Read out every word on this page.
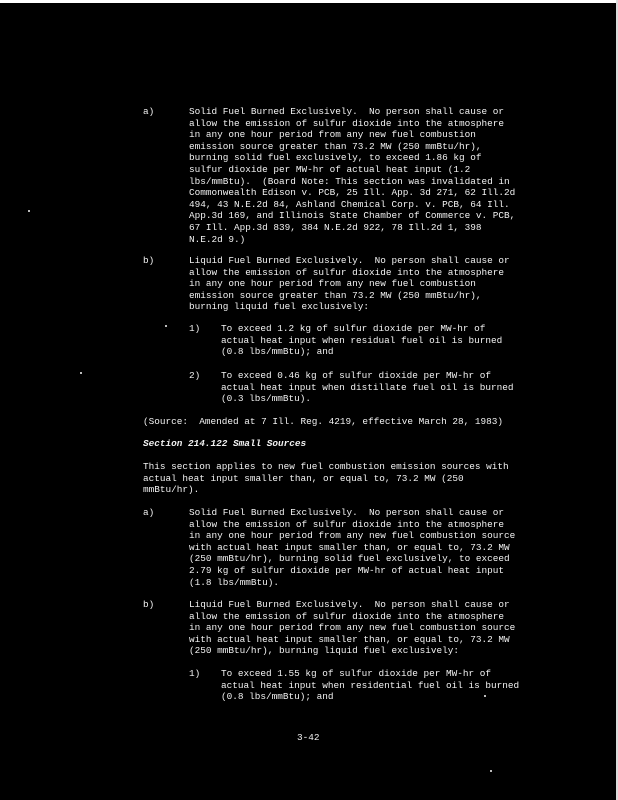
a)	Solid Fuel Burned Exclusively.  No person shall cause or
allow the emission of sulfur dioxide into the atmosphere
in any one hour period from any new fuel combustion
emission source greater than 73.2 MW (250 mmBtu/hr),
burning solid fuel exclusively, to exceed 1.86 kg of
sulfur dioxide per MW-hr of actual heat input (1.2
lbs/mmBtu).  (Board Note: This section was invalidated in
Commonwealth Edison v. PCB, 25 Ill. App. 3d 271, 62 Ill.2d
494, 43 N.E.2d 84, Ashland Chemical Corp. v. PCB, 64 Ill.
App.3d 169, and Illinois State Chamber of Commerce v. PCB,
67 Ill. App.3d 839, 384 N.E.2d 922, 78 Ill.2d 1, 398
N.E.2d 9.)
b)	Liquid Fuel Burned Exclusively.  No person shall cause or
allow the emission of sulfur dioxide into the atmosphere
in any one hour period from any new fuel combustion
emission source greater than 73.2 MW (250 mmBtu/hr),
burning liquid fuel exclusively:
1) To exceed 1.2 kg of sulfur dioxide per MW-hr of
actual heat input when residual fuel oil is burned
(0.8 lbs/mmBtu); and
2) To exceed 0.46 kg of sulfur dioxide per MW-hr of
actual heat input when distillate fuel oil is burned
(0.3 lbs/mmBtu).
(Source:  Amended at 7 Ill. Reg. 4219, effective March 28, 1983)
Section 214.122 Small Sources
This section applies to new fuel combustion emission sources with
actual heat input smaller than, or equal to, 73.2 MW (250
mmBtu/hr).
a)	Solid Fuel Burned Exclusively.  No person shall cause or
allow the emission of sulfur dioxide into the atmosphere
in any one hour period from any new fuel combustion source
with actual heat input smaller than, or equal to, 73.2 MW
(250 mmBtu/hr), burning solid fuel exclusively, to exceed
2.79 kg of sulfur dioxide per MW-hr of actual heat input
(1.8 lbs/mmBtu).
b)	Liquid Fuel Burned Exclusively.  No person shall cause or
allow the emission of sulfur dioxide into the atmosphere
in any one hour period from any new fuel combustion source
with actual heat input smaller than, or equal to, 73.2 MW
(250 mmBtu/hr), burning liquid fuel exclusively:
1) To exceed 1.55 kg of sulfur dioxide per MW-hr of
actual heat input when residential fuel oil is burned
(0.8 lbs/mmBtu); and
3-42
